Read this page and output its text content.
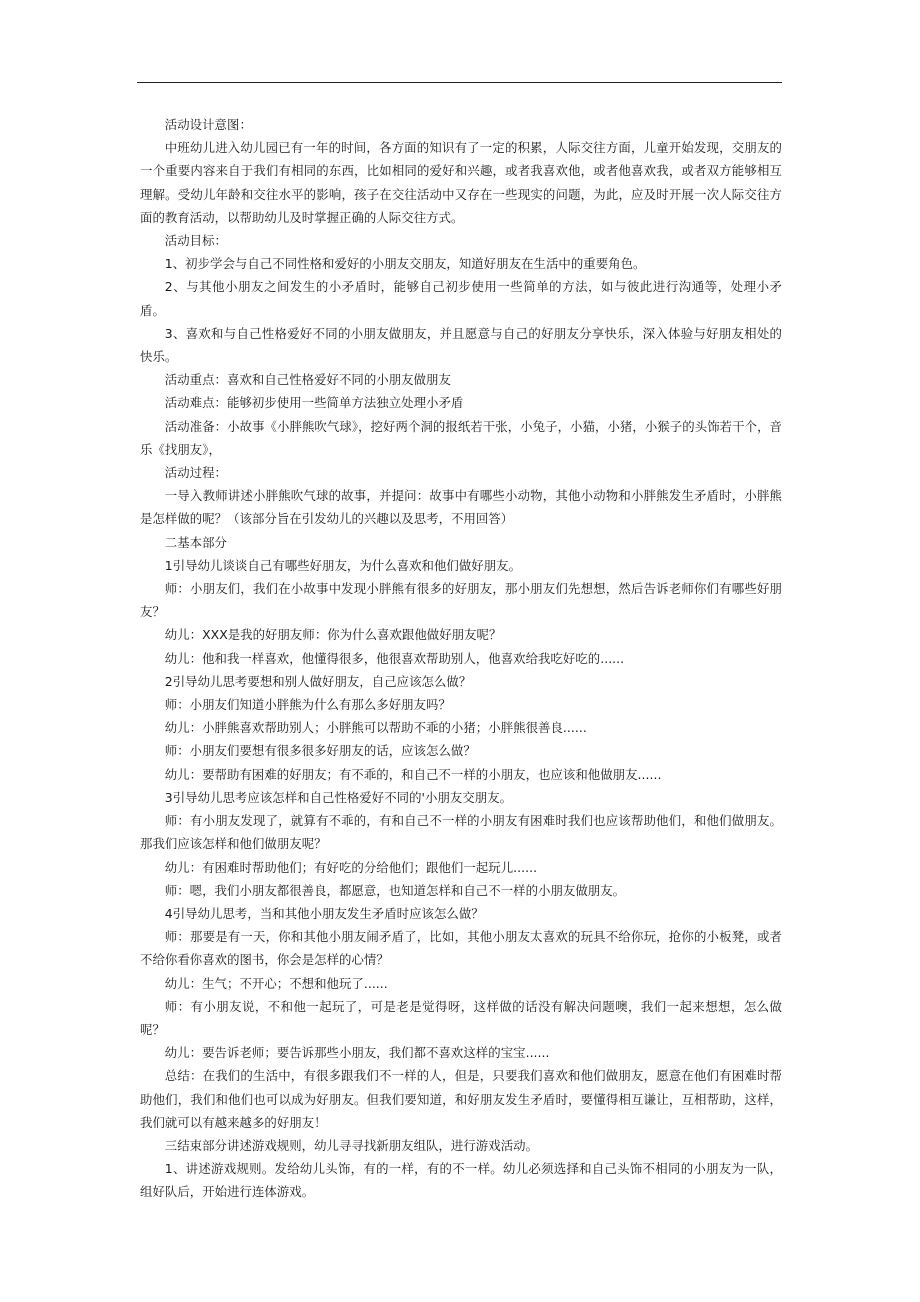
活动设计意图：

中班幼儿进入幼儿园已有一年的时间，各方面的知识有了一定的积累，人际交往方面，儿童开始发现，交朋友的一个重要内容来自于我们有相同的东西，比如相同的爱好和兴趣，或者我喜欢他，或者他喜欢我，或者双方能够相互理解。受幼儿年龄和交往水平的影响，孩子在交往活动中又存在一些现实的问题，为此，应及时开展一次人际交往方面的教育活动，以帮助幼儿及时掌握正确的人际交往方式。

活动目标：

1、初步学会与自己不同性格和爱好的小朋友交朋友，知道好朋友在生活中的重要角色。

2、与其他小朋友之间发生的小矛盾时，能够自己初步使用一些简单的方法，如与彼此进行沟通等，处理小矛盾。

3、喜欢和与自己性格爱好不同的小朋友做朋友，并且愿意与自己的好朋友分享快乐，深入体验与好朋友相处的快乐。

活动重点：喜欢和自己性格爱好不同的小朋友做朋友

活动难点：能够初步使用一些简单方法独立处理小矛盾

活动准备：小故事《小胖熊吹气球》，挖好两个洞的报纸若干张，小兔子，小猫，小猪，小猴子的头饰若干个，音乐《找朋友》，

活动过程：

一导入教师讲述小胖熊吹气球的故事，并提问：故事中有哪些小动物，其他小动物和小胖熊发生矛盾时，小胖熊是怎样做的呢？（该部分旨在引发幼儿的兴趣以及思考，不用回答）

二基本部分

1引导幼儿谈谈自己有哪些好朋友，为什么喜欢和他们做好朋友。

师：小朋友们，我们在小故事中发现小胖熊有很多的好朋友，那小朋友们先想想，然后告诉老师你们有哪些好朋友？

幼儿：XXX是我的好朋友师：你为什么喜欢跟他做好朋友呢？

幼儿：他和我一样喜欢，他懂得很多，他很喜欢帮助别人，他喜欢给我吃好吃的......

2引导幼儿思考要想和别人做好朋友，自己应该怎么做？

师：小朋友们知道小胖熊为什么有那么多好朋友吗？

幼儿：小胖熊喜欢帮助别人；小胖熊可以帮助不乖的小猪；小胖熊很善良......

师：小朋友们要想有很多很多好朋友的话，应该怎么做？

幼儿：要帮助有困难的好朋友；有不乖的，和自己不一样的小朋友，也应该和他做朋友......

3引导幼儿思考应该怎样和自己性格爱好不同的'小朋友交朋友。

师：有小朋友发现了，就算有不乖的，有和自己不一样的小朋友有困难时我们也应该帮助他们，和他们做朋友。那我们应该怎样和他们做朋友呢？

幼儿：有困难时帮助他们；有好吃的分给他们；跟他们一起玩儿......

师：嗯，我们小朋友都很善良，都愿意，也知道怎样和自己不一样的小朋友做朋友。

4引导幼儿思考，当和其他小朋友发生矛盾时应该怎么做？

师：那要是有一天，你和其他小朋友闹矛盾了，比如，其他小朋友太喜欢的玩具不给你玩，抢你的小板凳，或者不给你看你喜欢的图书，你会是怎样的心情？

幼儿：生气；不开心；不想和他玩了......

师：有小朋友说，不和他一起玩了，可是老是觉得呀，这样做的话没有解决问题噢，我们一起来想想，怎么做呢？

幼儿：要告诉老师；要告诉那些小朋友，我们都不喜欢这样的宝宝......

总结：在我们的生活中，有很多跟我们不一样的人，但是，只要我们喜欢和他们做朋友，愿意在他们有困难时帮助他们，我们和他们也可以成为好朋友。但我们要知道，和好朋友发生矛盾时，要懂得相互谦让，互相帮助，这样，我们就可以有越来越多的好朋友！

三结束部分讲述游戏规则，幼儿寻寻找新朋友组队，进行游戏活动。

1、讲述游戏规则。发给幼儿头饰，有的一样，有的不一样。幼儿必须选择和自己头饰不相同的小朋友为一队，组好队后，开始进行连体游戏。
